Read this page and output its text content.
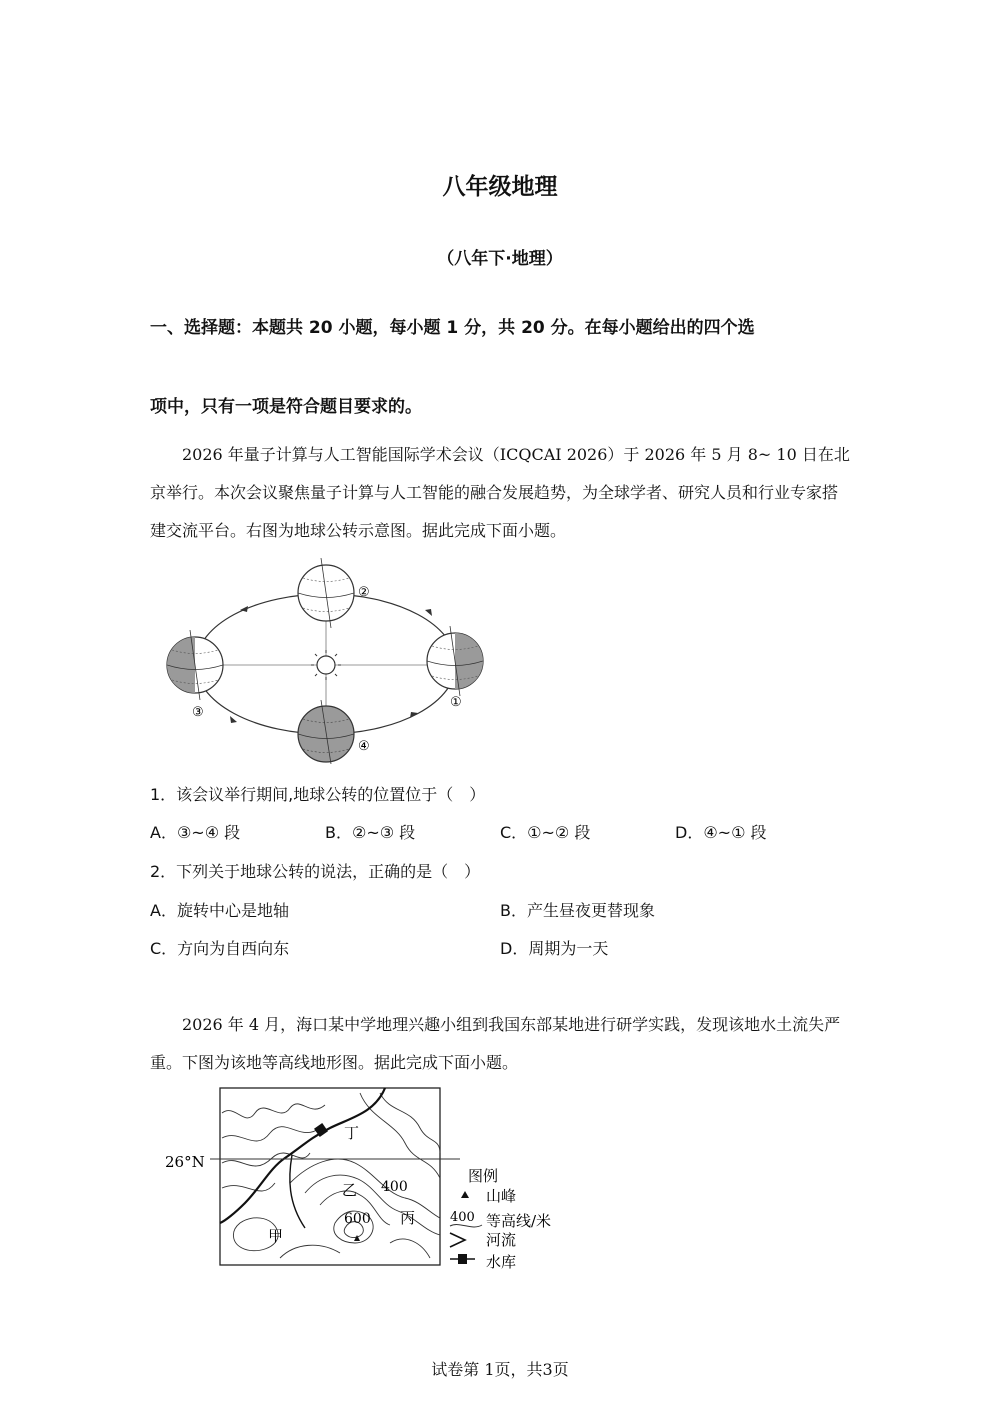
八年级地理
（八年下·地理）
一、选择题：本题共 20 小题，每小题 1 分，共 20 分。在每小题给出的四个选
项中，只有一项是符合题目要求的。
2026 年量子计算与人工智能国际学术会议（ICQCAI 2026）于 2026 年 5 月 8~ 10 日在北京举行。本次会议聚焦量子计算与人工智能的融合发展趋势，为全球学者、研究人员和行业专家搭建交流平台。右图为地球公转示意图。据此完成下面小题。
①
②
③
④
1．该会议举行期间,地球公转的位置位于（　）
A．③~④ 段	B．②~③ 段	C．①~② 段	D．④~① 段
2．下列关于地球公转的说法，正确的是（　）
A．旋转中心是地轴	B．产生昼夜更替现象
C．方向为自西向东	D．周期为一天
2026 年 4 月，海口某中学地理兴趣小组到我国东部某地进行研学实践，发现该地水土流失严重。下图为该地等高线地形图。据此完成下面小题。
26°N
甲
乙
丙
丁
400
600
图例
山峰
400 等高线/米
河流
水库
试卷第 1页，共3页
